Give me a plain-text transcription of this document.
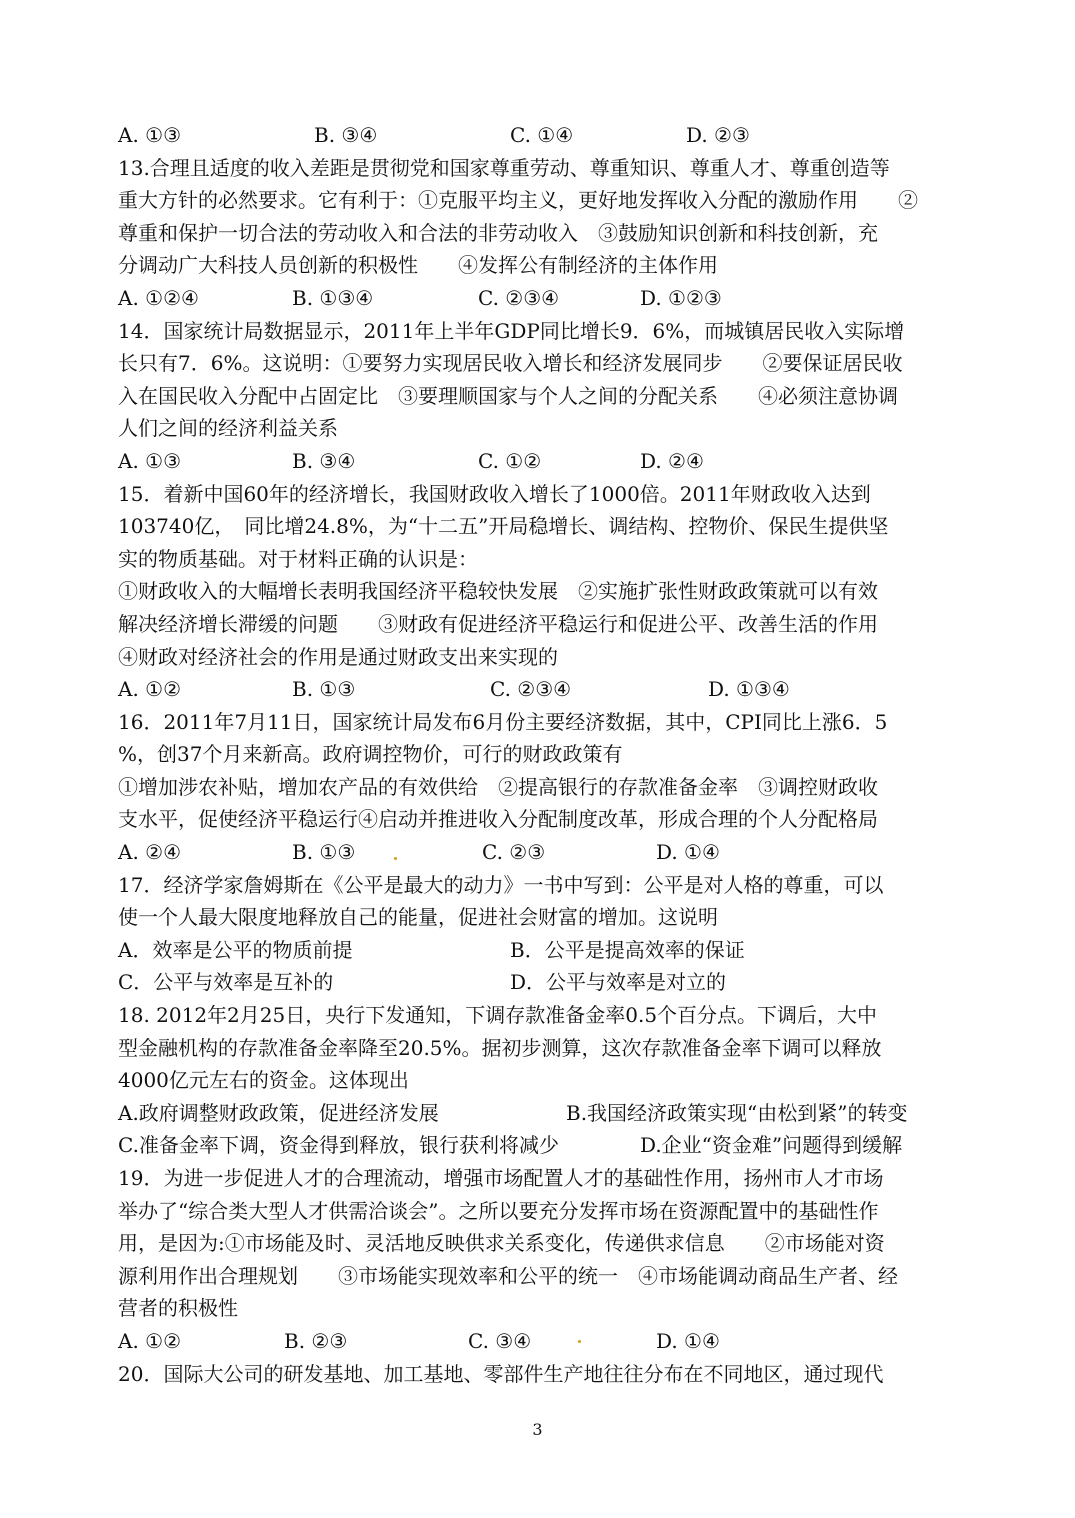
A. ①③	B. ③④	C. ①④	D. ②③
13.合理且适度的收入差距是贯彻党和国家尊重劳动、尊重知识、尊重人才、尊重创造等
重大方针的必然要求。它有利于：①克服平均主义，更好地发挥收入分配的激励作用　　②
尊重和保护一切合法的劳动收入和合法的非劳动收入　③鼓励知识创新和科技创新，充
分调动广大科技人员创新的积极性　　④发挥公有制经济的主体作用
A. ①②④	B. ①③④	C. ②③④	D. ①②③
14．国家统计局数据显示，2011年上半年GDP同比增长9．6%，而城镇居民收入实际增
长只有7．6%。这说明：①要努力实现居民收入增长和经济发展同步　　②要保证居民收
入在国民收入分配中占固定比　③要理顺国家与个人之间的分配关系　　④必须注意协调
人们之间的经济利益关系
A. ①③	B. ③④	C. ①②	D. ②④
15．着新中国60年的经济增长，我国财政收入增长了1000倍。2011年财政收入达到
103740亿，　同比增24.8%，为“十二五”开局稳增长、调结构、控物价、保民生提供坚
实的物质基础。对于材料正确的认识是：
①财政收入的大幅增长表明我国经济平稳较快发展　②实施扩张性财政政策就可以有效
解决经济增长滞缓的问题　　③财政有促进经济平稳运行和促进公平、改善生活的作用
④财政对经济社会的作用是通过财政支出来实现的
A. ①②	B. ①③	C. ②③④	D. ①③④
16．2011年7月11日，国家统计局发布6月份主要经济数据，其中，CPI同比上涨6．5
%，创37个月来新高。政府调控物价，可行的财政政策有
①增加涉农补贴，增加农产品的有效供给　②提高银行的存款准备金率　③调控财政收
支水平，促使经济平稳运行④启动并推进收入分配制度改革，形成合理的个人分配格局
A. ②④	B. ①③	C. ②③	D. ①④
17．经济学家詹姆斯在《公平是最大的动力》一书中写到：公平是对人格的尊重，可以
使一个人最大限度地释放自己的能量，促进社会财富的增加。这说明
A．效率是公平的物质前提	B．公平是提高效率的保证
C．公平与效率是互补的	D．公平与效率是对立的
18. 2012年2月25日，央行下发通知，下调存款准备金率0.5个百分点。下调后，大中
型金融机构的存款准备金率降至20.5%。据初步测算，这次存款准备金率下调可以释放
4000亿元左右的资金。这体现出
A.政府调整财政政策，促进经济发展	B.我国经济政策实现“由松到紧”的转变
C.准备金率下调，资金得到释放，银行获利将减少	D.企业“资金难”问题得到缓解
19．为进一步促进人才的合理流动，增强市场配置人才的基础性作用，扬州市人才市场
举办了“综合类大型人才供需洽谈会”。之所以要充分发挥市场在资源配置中的基础性作
用，是因为:①市场能及时、灵活地反映供求关系变化，传递供求信息　　②市场能对资
源利用作出合理规划　　③市场能实现效率和公平的统一　④市场能调动商品生产者、经
营者的积极性
A. ①②	B. ②③	C. ③④	D. ①④
20．国际大公司的研发基地、加工基地、零部件生产地往往分布在不同地区，通过现代
3
